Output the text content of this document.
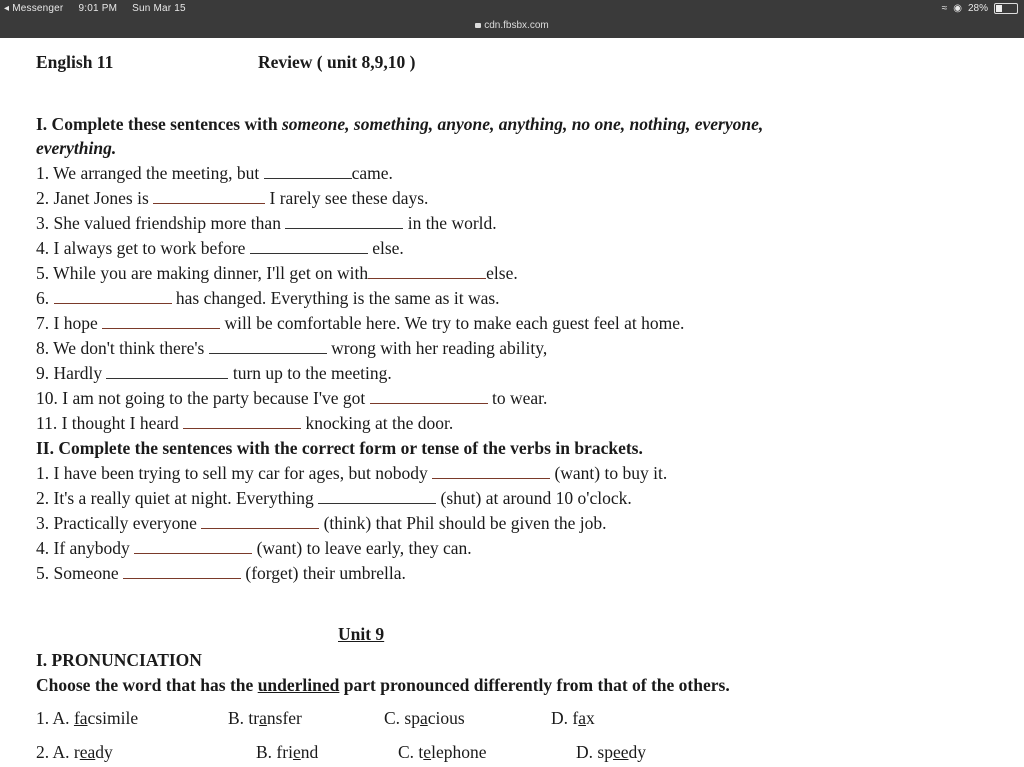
◂ Messenger 9:01 PM Sun Mar 15
cdn.fbsbx.com
≈ ◉ 28%
English 11	Review ( unit 8,9,10 )
I. Complete these sentences with someone, something, anyone, anything, no one, nothing, everyone,
everything.
1. We arranged the meeting, but	came.
2. Janet Jones is	I rarely see these days.
3. She valued friendship more than	in the world.
4. I always get to work before	else.
5. While you are making dinner, I'll get on with	else.
6.	has changed. Everything is the same as it was.
7. I hope	will be comfortable here. We try to make each guest feel at home.
8. We don't think there's	wrong with her reading ability,
9. Hardly	turn up to the meeting.
10. I am not going to the party because I've got	to wear.
11. I thought I heard	knocking at the door.
II. Complete the sentences with the correct form or tense of the verbs in brackets.
1. I have been trying to sell my car for ages, but nobody	(want) to buy it.
2. It's a really quiet at night. Everything	(shut) at around 10 o'clock.
3. Practically everyone	(think) that Phil should be given the job.
4. If anybody	(want) to leave early, they can.
5. Someone	(forget) their umbrella.
Unit 9
I. PRONUNCIATION
Choose the word that has the underlined part pronounced differently from that of the others.
1. A. facsimile	B. transfer	C. spacious	D. fax
2. A. ready	B. friend	C. telephone	D. speedy
